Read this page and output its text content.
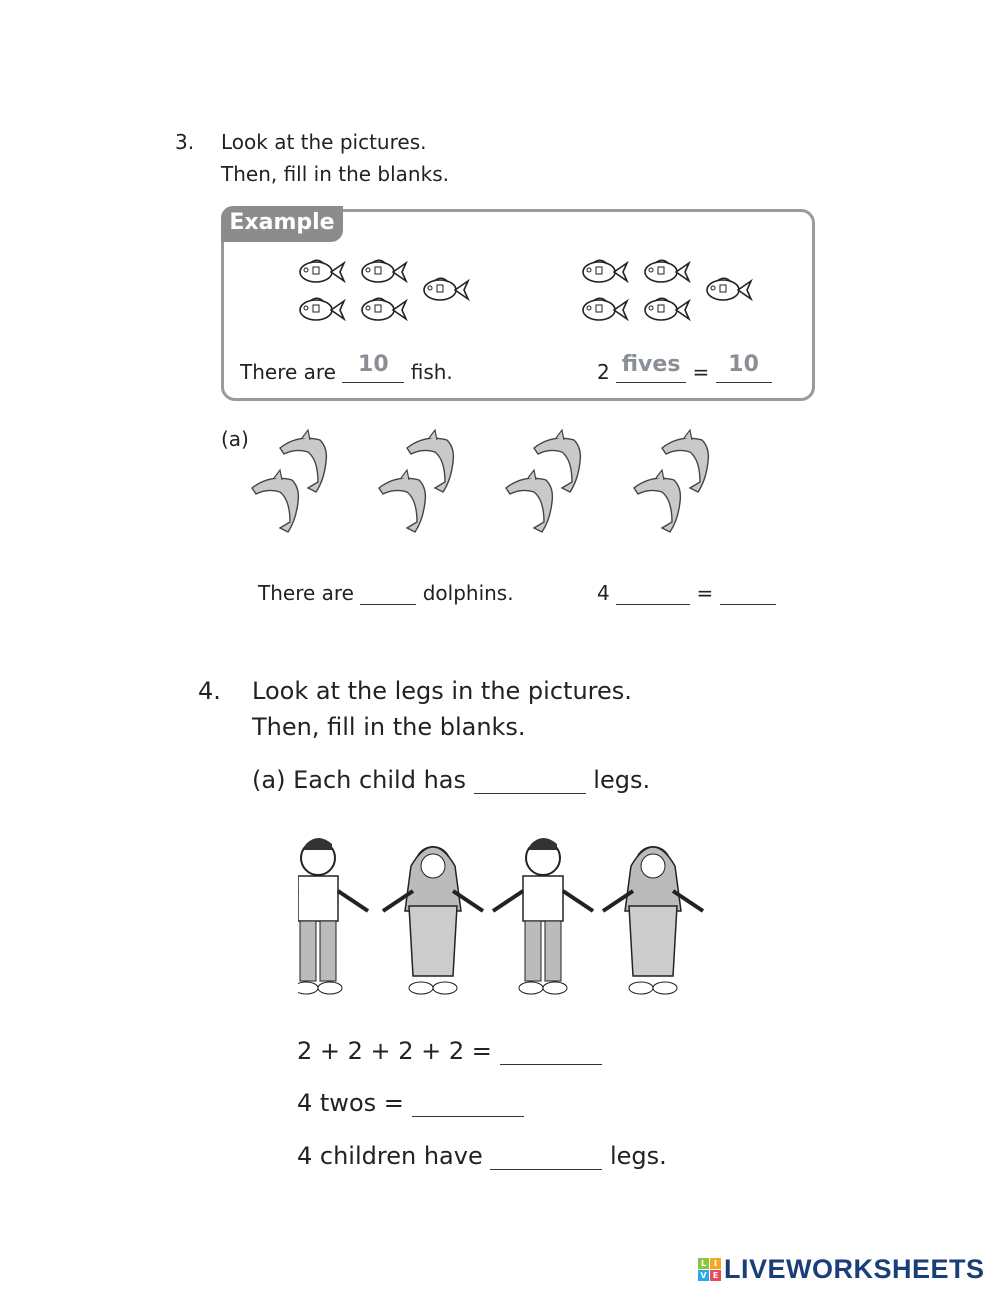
3. Look at the pictures.
Then, fill in the blanks.
Example
There are 10 fish.	2 fives = 10
(a)
There are	dolphins.	4	=
4. Look at the legs in the pictures.
Then, fill in the blanks.
(a) Each child has	legs.
2 + 2 + 2 + 2 =
4 twos =
4 children have	legs.
L I
V E LIVEWORKSHEETS
